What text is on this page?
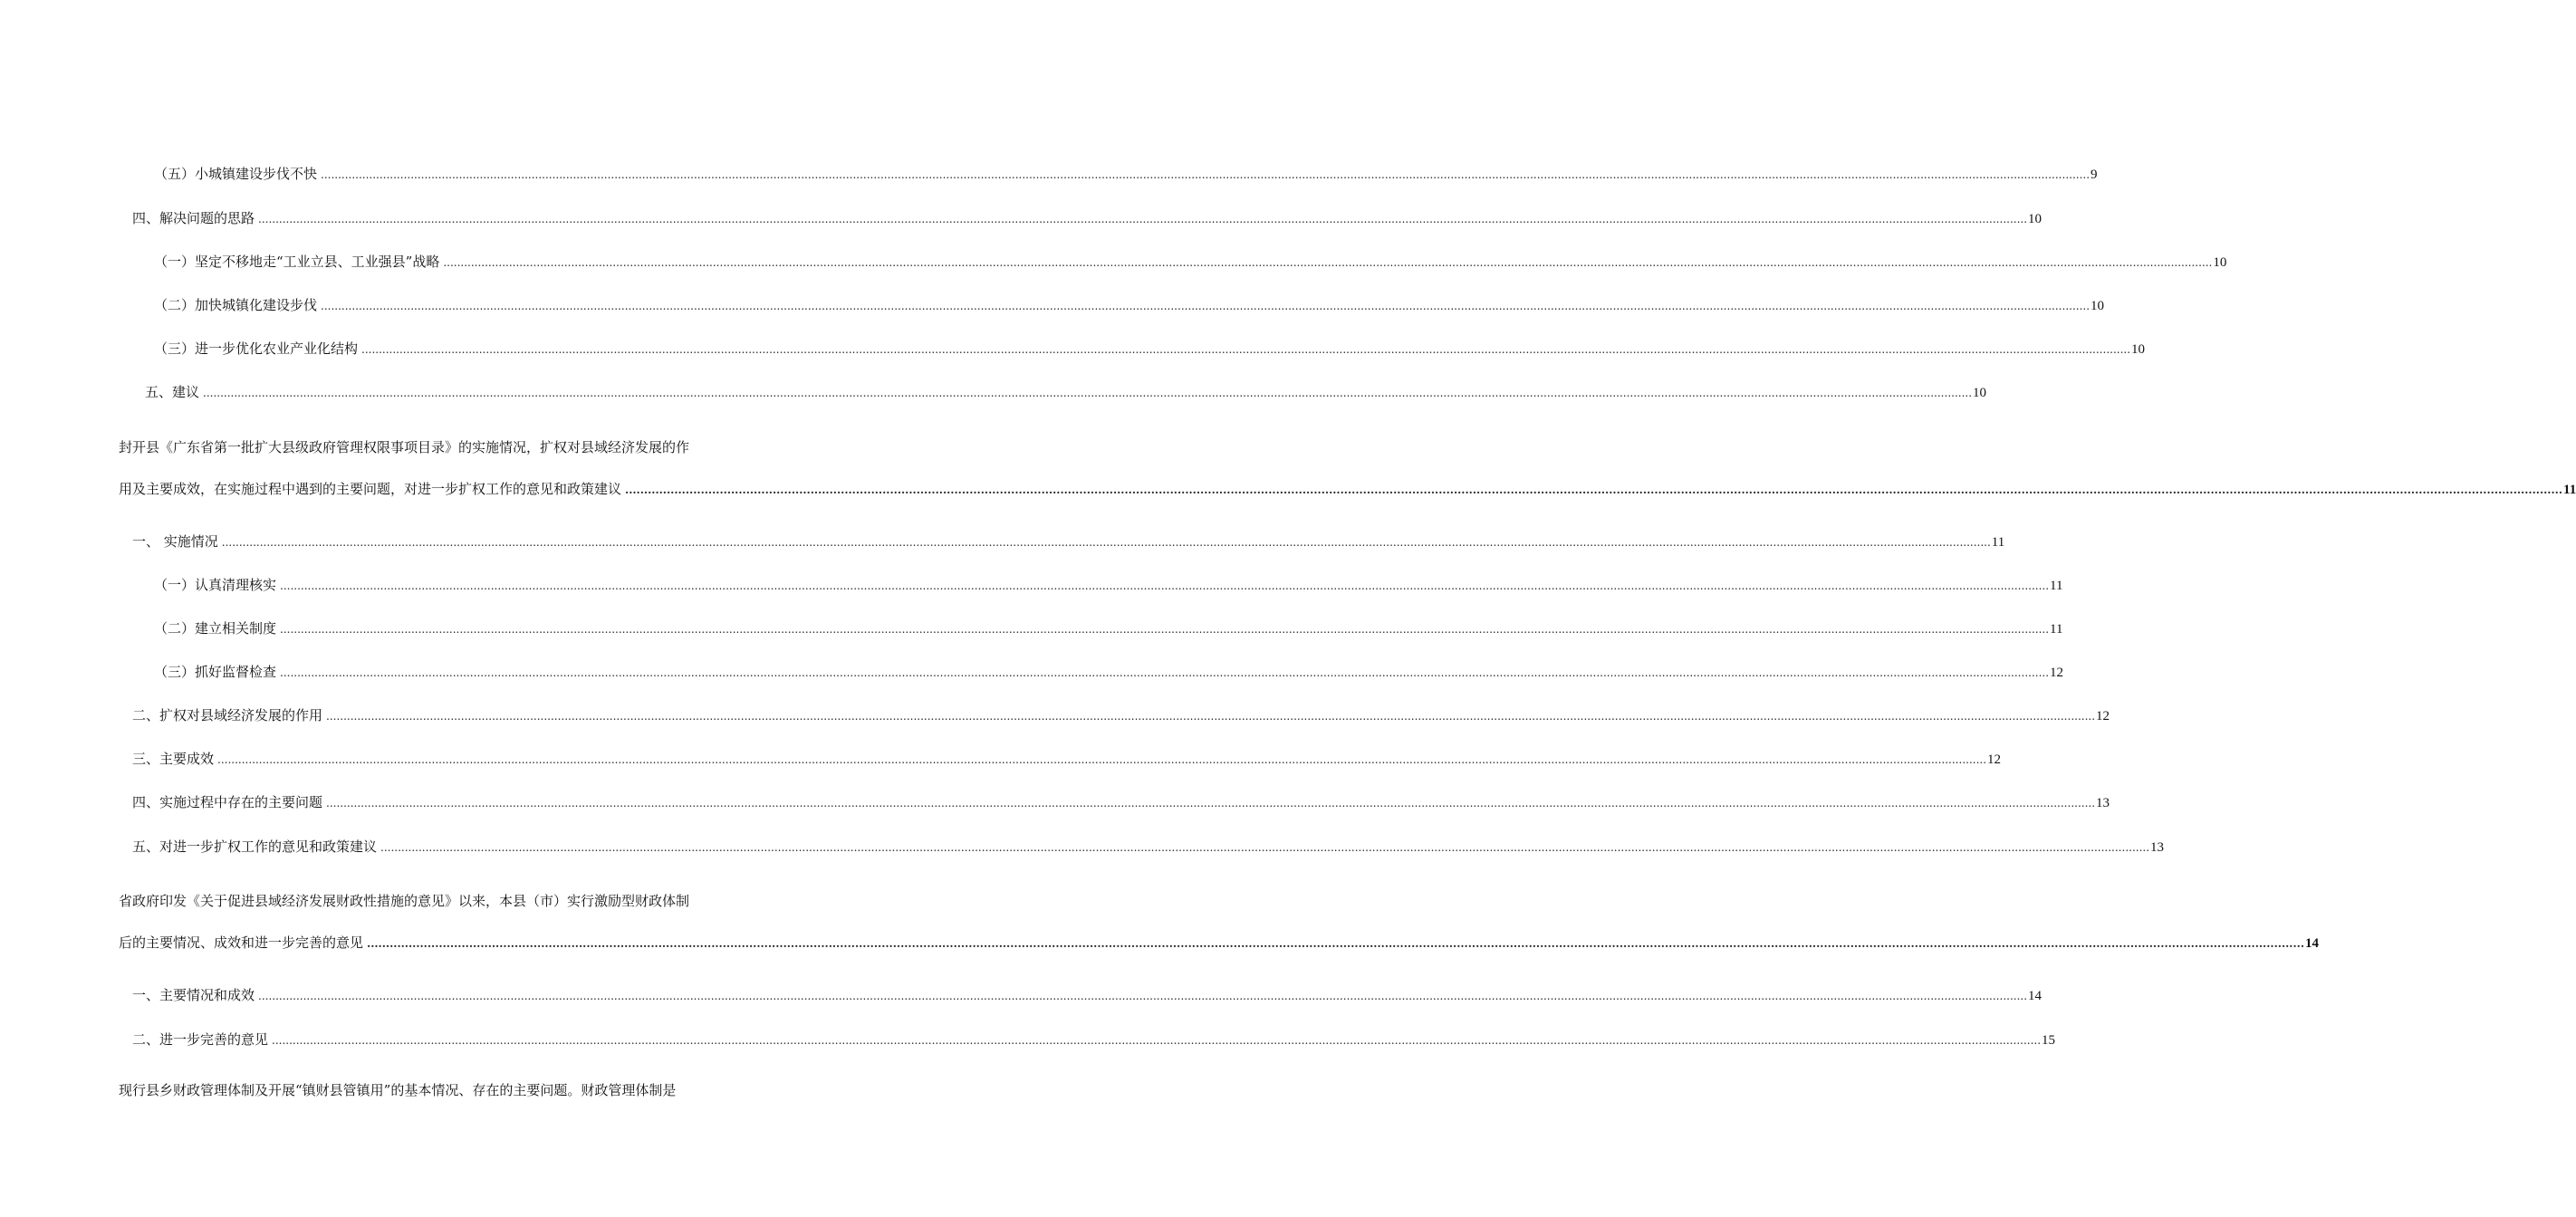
（五）小城镇建设步伐不快 .....	9
四、解决问题的思路 .....	10
（一）坚定不移地走“工业立县、工业强县”战略 .....	10
（二）加快城镇化建设步伐 .....	10
（三）进一步优化农业产业化结构 .....	10
五、建议 .....	10
封开县《广东省第一批扩大县级政府管理权限事项目录》的实施情况，扩权对县域经济发展的作
用及主要成效，在实施过程中遇到的主要问题，对进一步扩权工作的意见和政策建议 .....	11
一、 实施情况 .....	11
（一）认真清理核实 .....	11
（二）建立相关制度 .....	11
（三）抓好监督检查 .....	12
二、扩权对县域经济发展的作用 .....	12
三、主要成效 .....	12
四、实施过程中存在的主要问题 .....	13
五、对进一步扩权工作的意见和政策建议 .....	13
省政府印发《关于促进县域经济发展财政性措施的意见》以来，本县（市）实行激励型财政体制
后的主要情况、成效和进一步完善的意见 .....	14
一、主要情况和成效 .....	14
二、进一步完善的意见 .....	15
现行县乡财政管理体制及开展“镇财县管镇用”的基本情况、存在的主要问题。财政管理体制是
